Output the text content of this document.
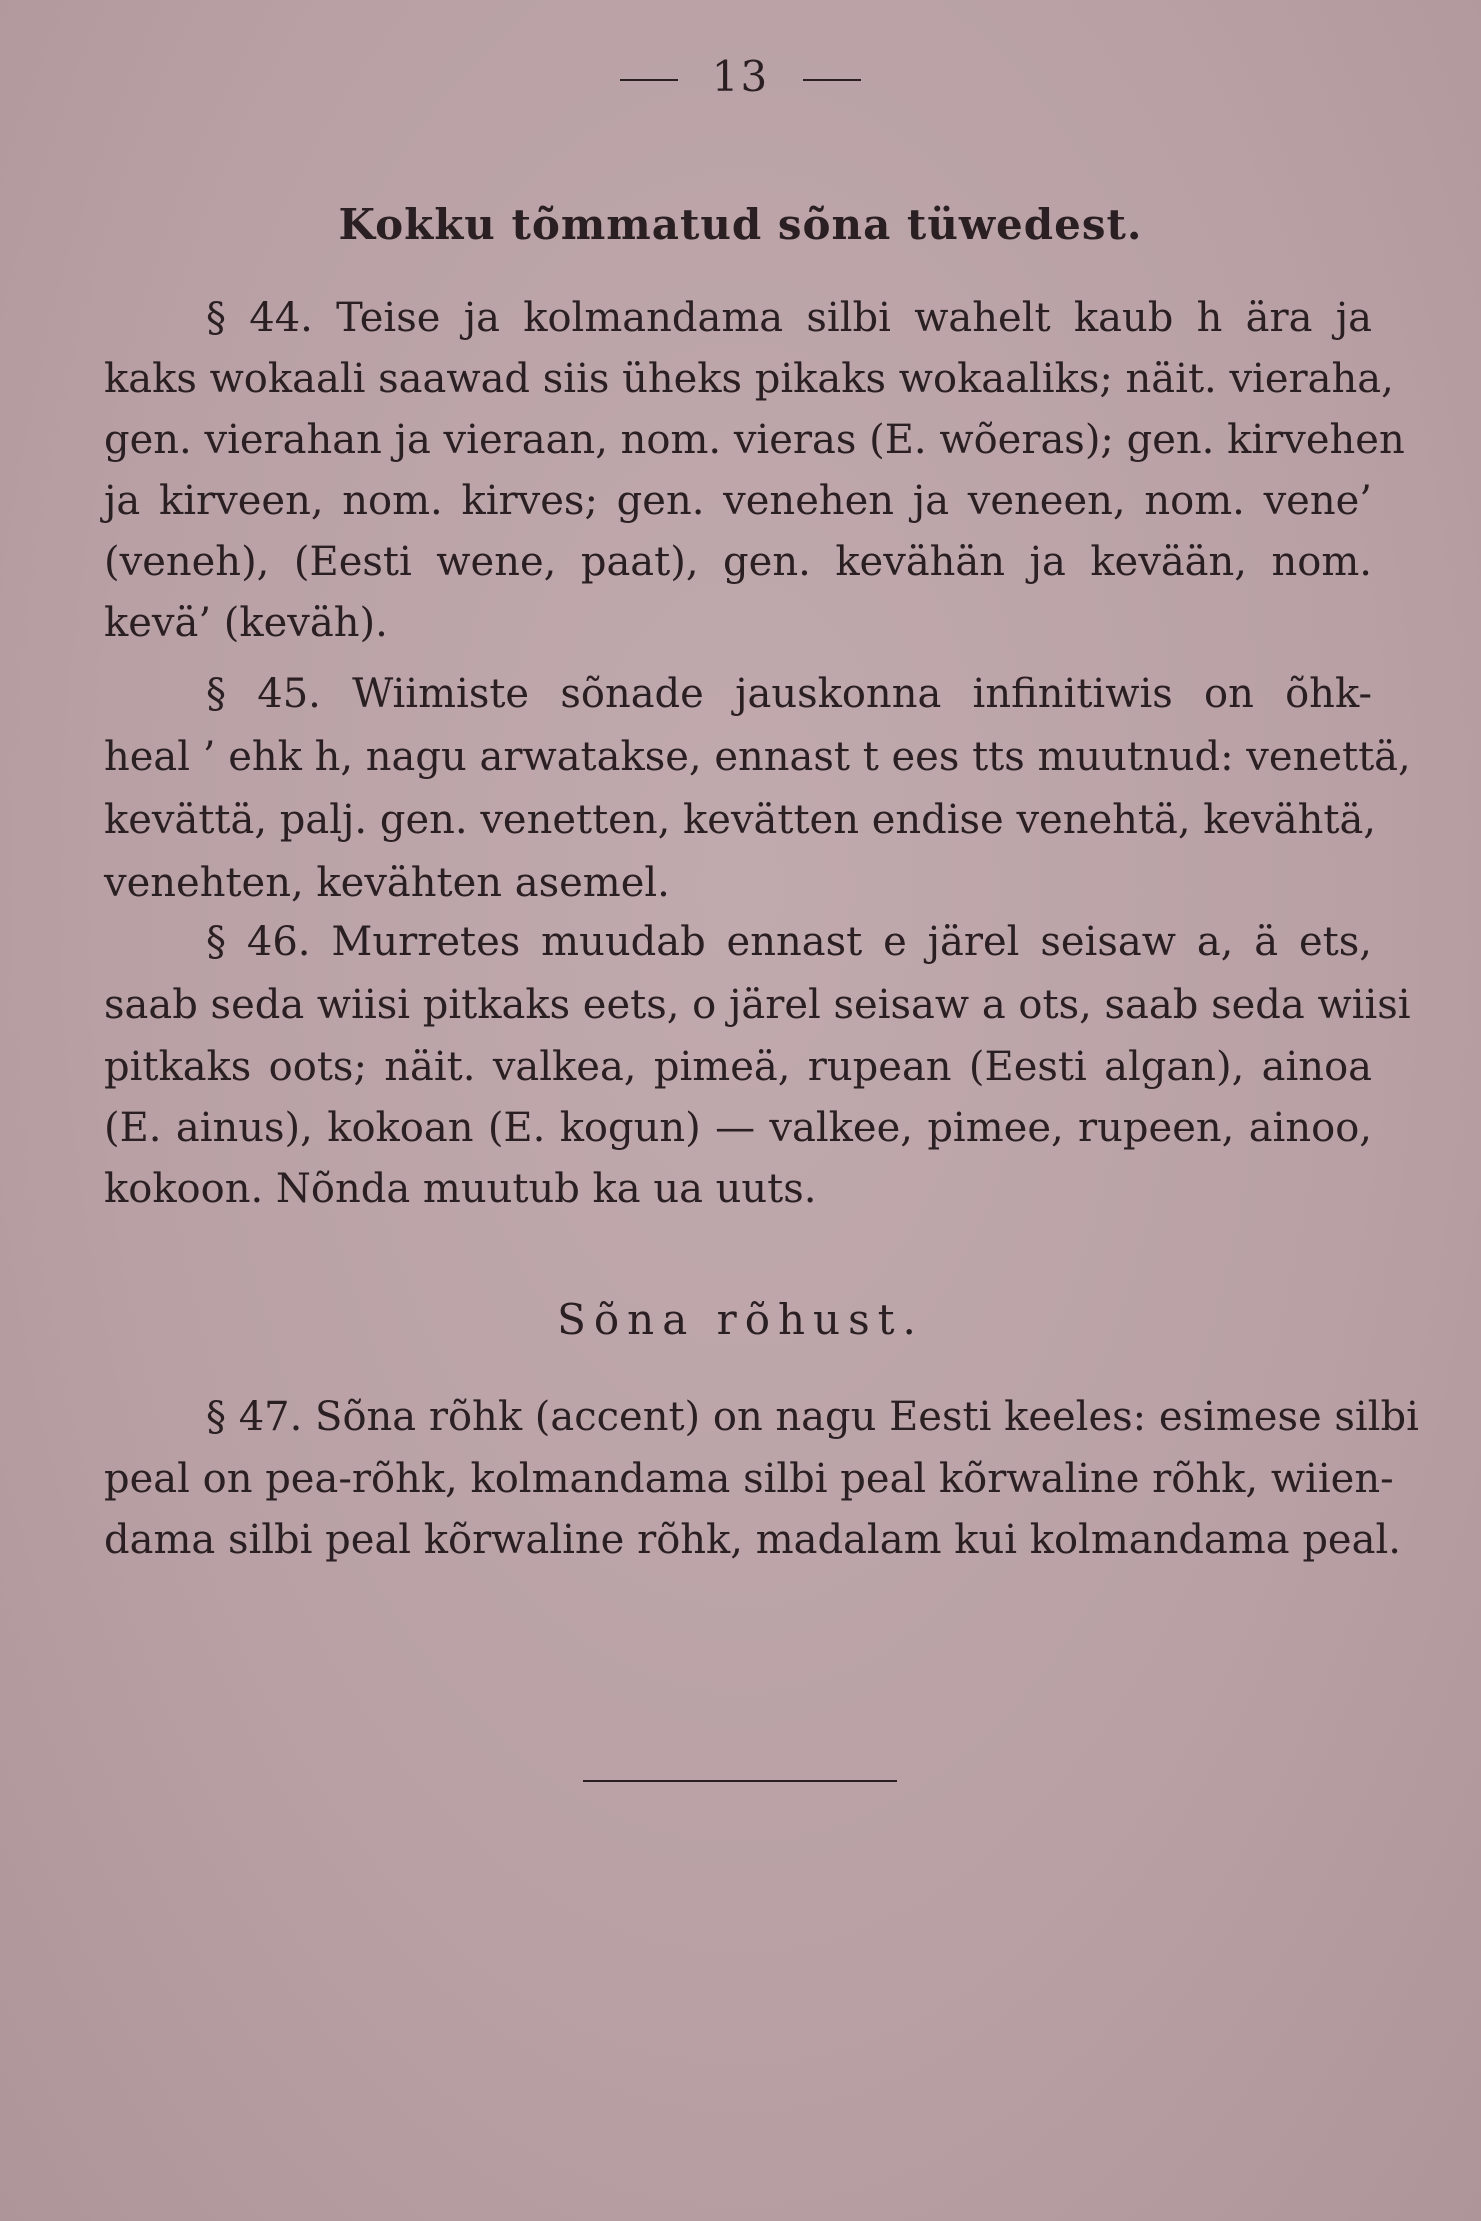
13
Kokku tõmmatud sõna tüwedest.
§ 44. Teise ja kolmandama silbi wahelt kaub h ära ja
kaks wokaali saawad siis üheks pikaks wokaaliks; näit. vieraha,
gen. vierahan ja vieraan, nom. vieras (E. wõeras); gen. kirvehen
ja kirveen, nom. kirves; gen. venehen ja veneen, nom. vene’
(veneh), (Eesti wene, paat), gen. kevähän ja kevään, nom.
kevä’ (keväh).
§ 45. Wiimiste sõnade jauskonna infinitiwis on õhk-
heal ’ ehk h, nagu arwatakse, ennast t ees tts muutnud: venettä,
kevättä, palj. gen. venetten, kevätten endise venehtä, kevähtä,
venehten, kevähten asemel.
§ 46. Murretes muudab ennast e järel seisaw a, ä ets,
saab seda wiisi pitkaks eets, o järel seisaw a ots, saab seda wiisi
pitkaks oots; näit. valkea, pimeä, rupean (Eesti algan), ainoa
(E. ainus), kokoan (E. kogun) — valkee, pimee, rupeen, ainoo,
kokoon. Nõnda muutub ka ua uuts.
Sõna rõhust.
§ 47. Sõna rõhk (accent) on nagu Eesti keeles: esimese silbi
peal on pea-rõhk, kolmandama silbi peal kõrwaline rõhk, wiien-
dama silbi peal kõrwaline rõhk, madalam kui kolmandama peal.
